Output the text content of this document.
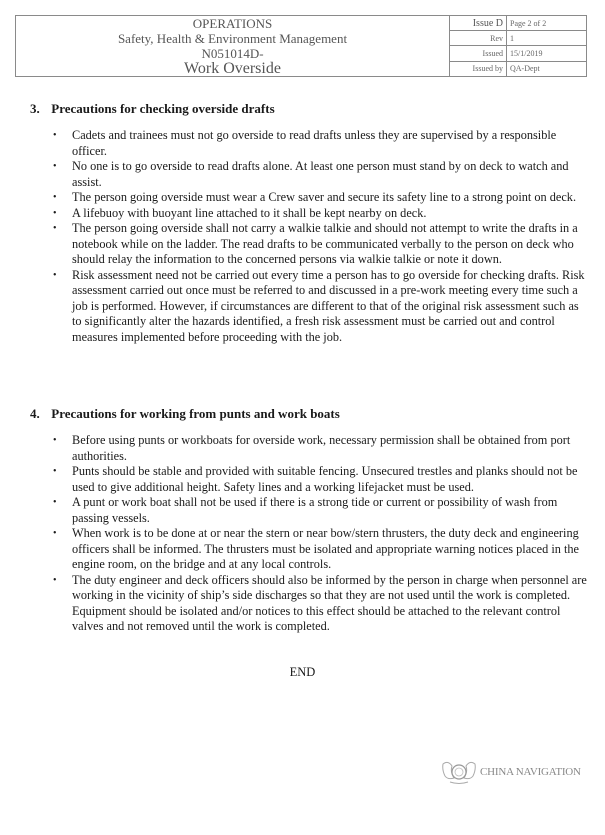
OPERATIONS
Safety, Health & Environment Management
N051014D-
Work Overside
Issue D	Page 2 of 2
Rev	1
Issued	15/1/2019
Issued by	QA-Dept
3. Precautions for checking overside drafts
• Cadets and trainees must not go overside to read drafts unless they are supervised by a responsible officer.
• No one is to go overside to read drafts alone. At least one person must stand by on deck to watch and assist.
• The person going overside must wear a Crew saver and secure its safety line to a strong point on deck.
• A lifebuoy with buoyant line attached to it shall be kept nearby on deck.
• The person going overside shall not carry a walkie talkie and should not attempt to write the drafts in a notebook while on the ladder. The read drafts to be communicated verbally to the person on deck who should relay the information to the concerned persons via walkie talkie or note it down.
• Risk assessment need not be carried out every time a person has to go overside for checking drafts. Risk assessment carried out once must be referred to and discussed in a pre-work meeting every time such a job is performed. However, if circumstances are different to that of the original risk assessment such as to significantly alter the hazards identified, a fresh risk assessment must be carried out and control measures implemented before proceeding with the job.
4. Precautions for working from punts and work boats
• Before using punts or workboats for overside work, necessary permission shall be obtained from port authorities.
• Punts should be stable and provided with suitable fencing. Unsecured trestles and planks should not be used to give additional height. Safety lines and a working lifejacket must be used.
• A punt or work boat shall not be used if there is a strong tide or current or possibility of wash from passing vessels.
• When work is to be done at or near the stern or near bow/stern thrusters, the duty deck and engineering officers shall be informed. The thrusters must be isolated and appropriate warning notices placed in the engine room, on the bridge and at any local controls.
• The duty engineer and deck officers should also be informed by the person in charge when personnel are working in the vicinity of ship’s side discharges so that they are not used until the work is completed. Equipment should be isolated and/or notices to this effect should be attached to the relevant control valves and not removed until the work is completed.
END
CHINA NAVIGATION
